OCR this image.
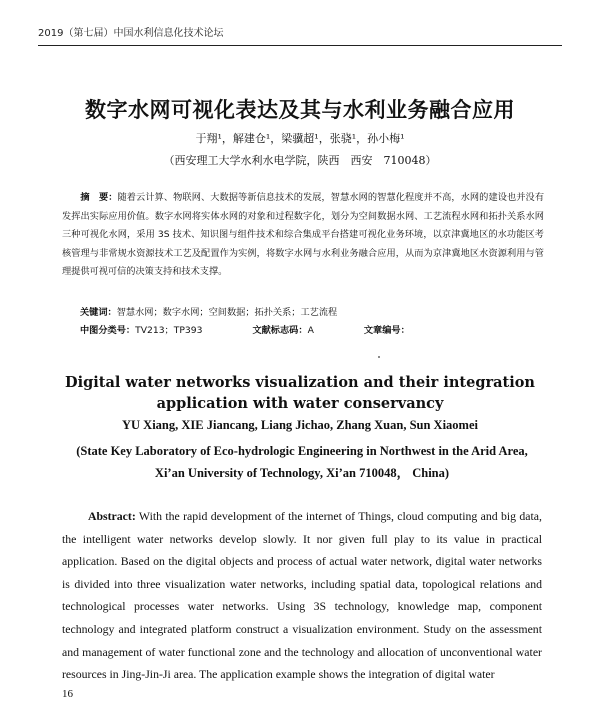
2019（第七届）中国水利信息化技术论坛
数字水网可视化表达及其与水利业务融合应用
于翔¹，解建仓¹，梁骥超¹，张骁¹，孙小梅¹
（西安理工大学水利水电学院，陕西　西安　710048）
摘　要：随着云计算、物联网、大数据等新信息技术的发展，智慧水网的智慧化程度并不高，水网的建设也并没有发挥出实际应用价值。数字水网将实体水网的对象和过程数字化，划分为空间数据水网、工艺流程水网和拓扑关系水网三种可视化水网，采用 3S 技术、知识图与组件技术和综合集成平台搭建可视化业务环境，以京津冀地区的水功能区考核管理与非常规水资源技术工艺及配置作为实例，将数字水网与水利业务融合应用，从而为京津冀地区水资源利用与管理提供可视可信的决策支持和技术支撑。
关键词：智慧水网；数字水网；空间数据；拓扑关系；工艺流程
中图分类号：TV213；TP393	文献标志码：A	文章编号：
Digital water networks visualization and their integration application with water conservancy
YU Xiang, XIE Jiancang, Liang Jichao, Zhang Xuan, Sun Xiaomei
(State Key Laboratory of Eco-hydrologic Engineering in Northwest in the Arid Area, Xi’an University of Technology, Xi’an 710048， China)
Abstract: With the rapid development of the internet of Things, cloud computing and big data, the intelligent water networks develop slowly. It nor given full play to its value in practical application. Based on the digital objects and process of actual water network, digital water networks is divided into three visualization water networks, including spatial data, topological relations and technological processes water networks. Using 3S technology, knowledge map, component technology and integrated platform construct a visualization environment. Study on the assessment and management of water functional zone and the technology and allocation of unconventional water resources in Jing-Jin-Ji area. The application example shows the integration of digital water
16
